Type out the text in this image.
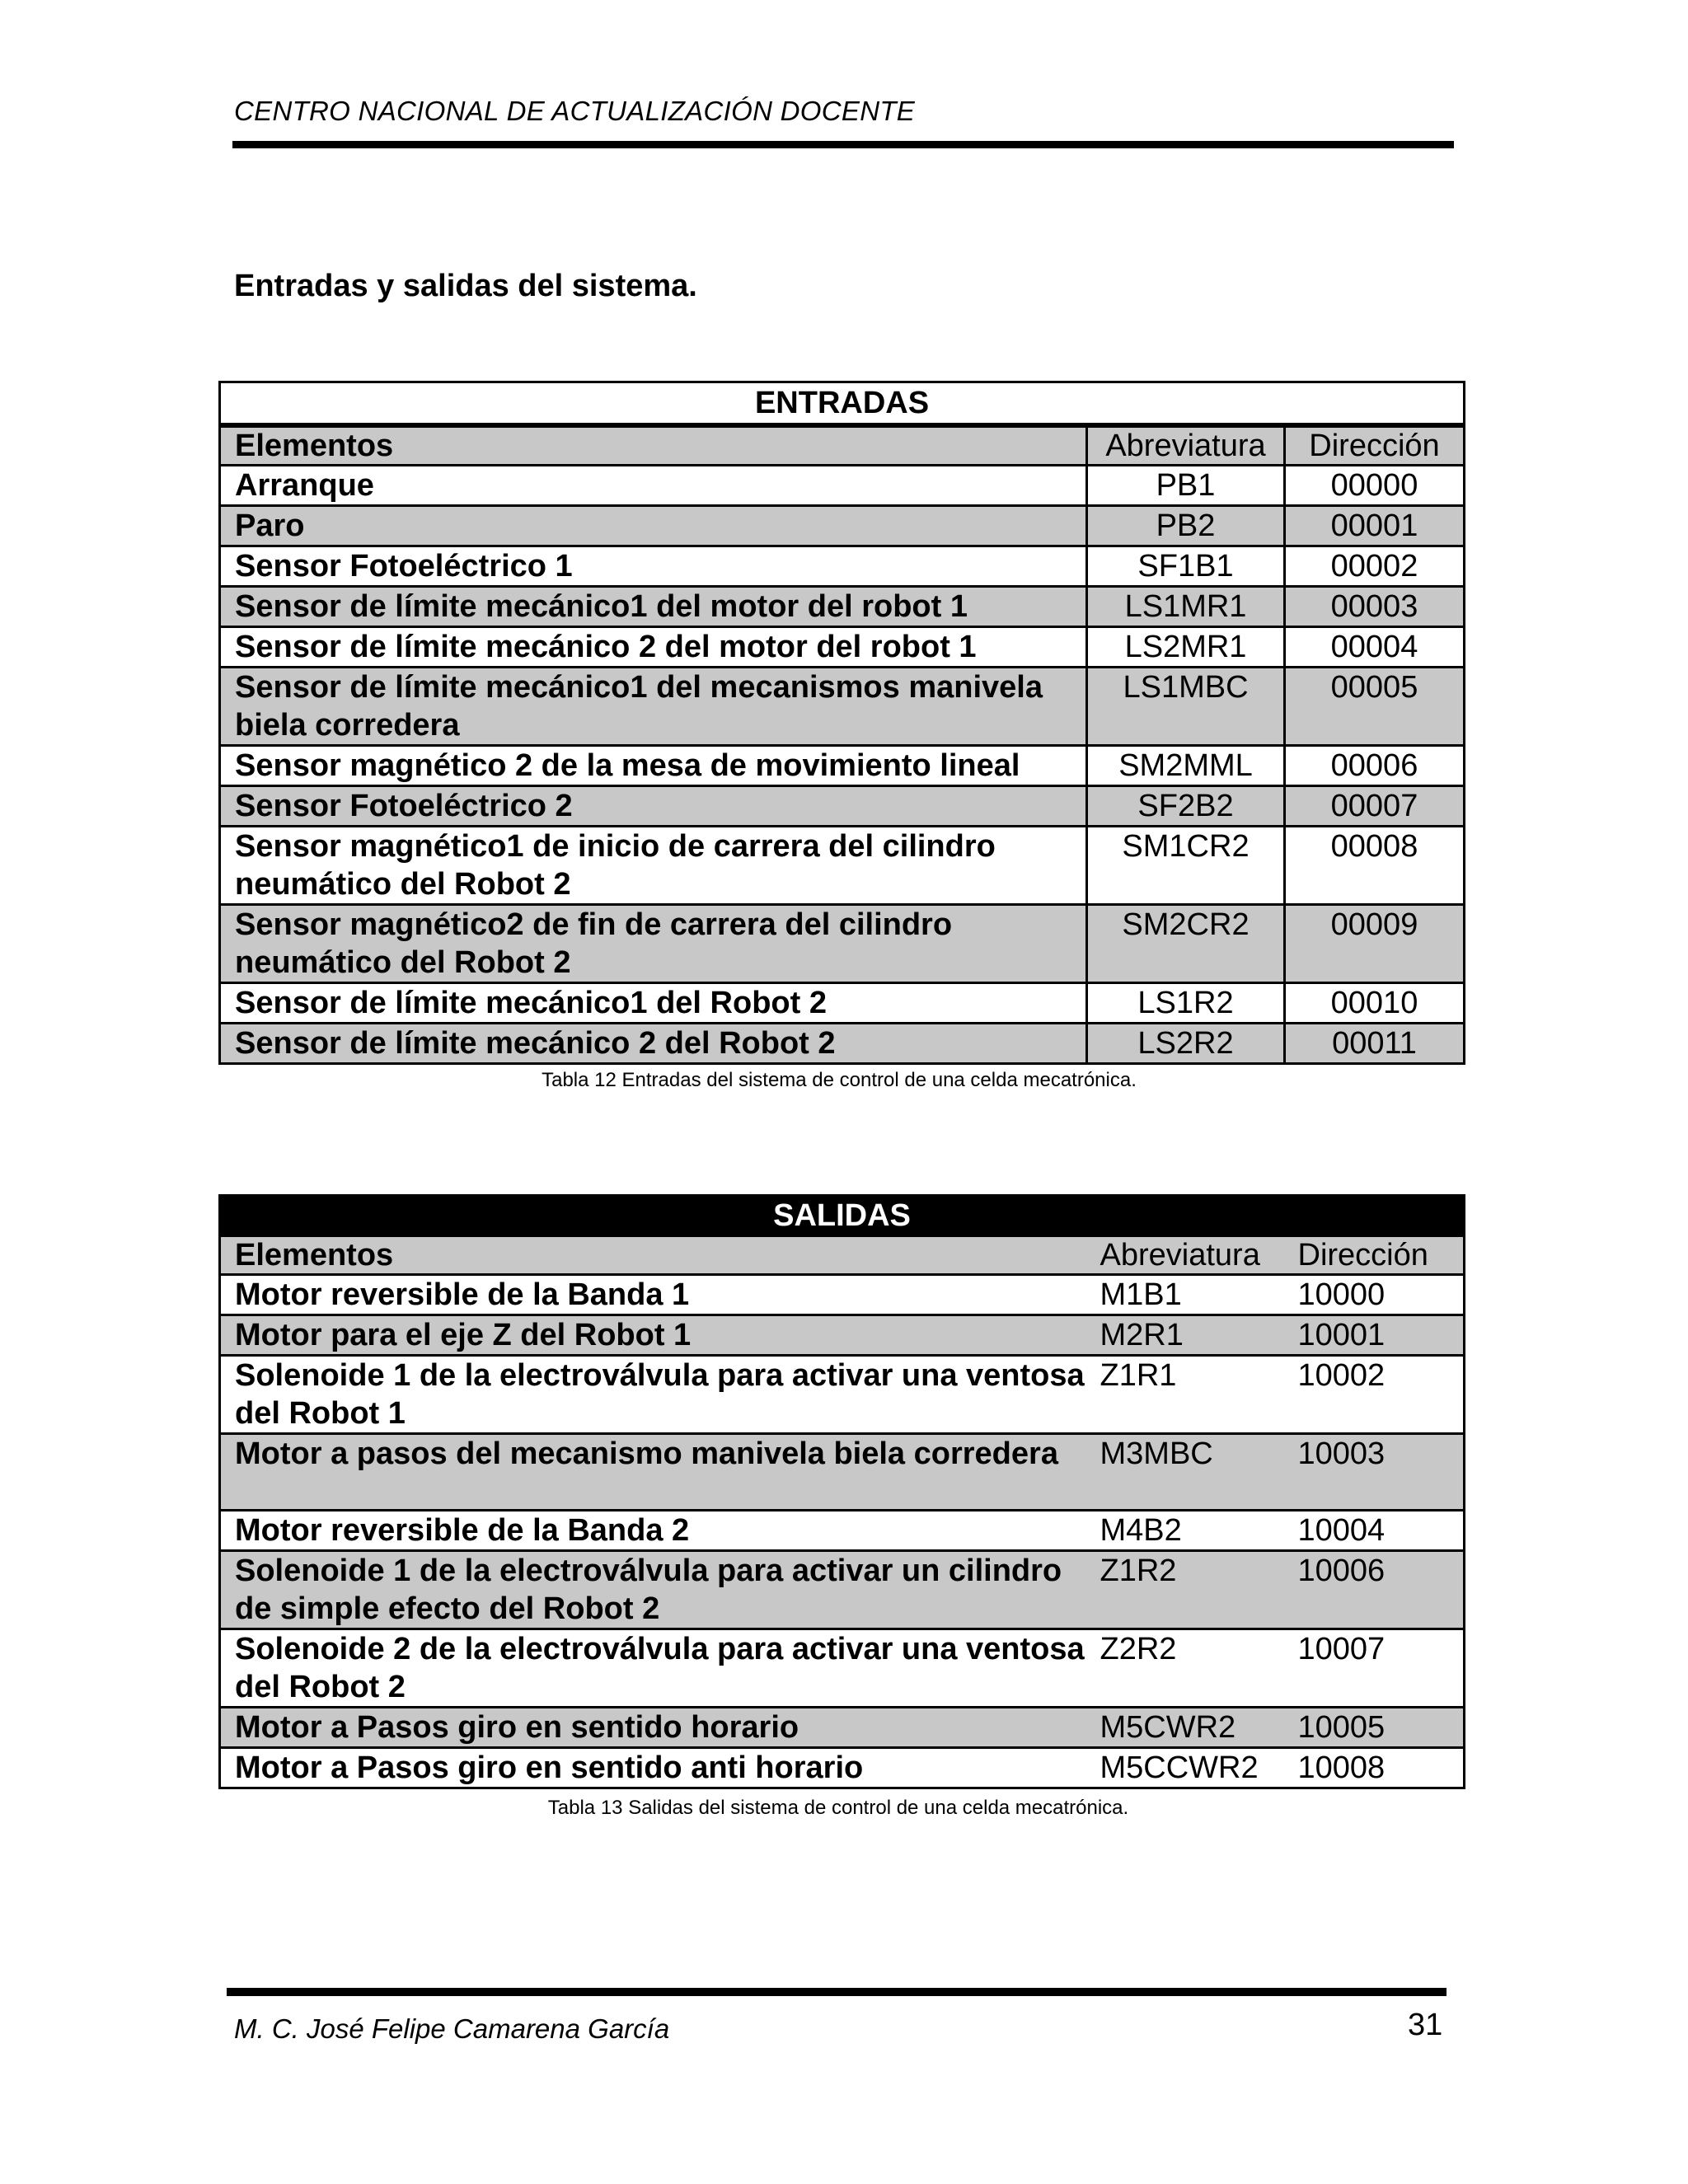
CENTRO NACIONAL DE ACTUALIZACIÓN DOCENTE
Entradas y salidas del sistema.
ENTRADAS		
Elementos	Abreviatura	Dirección
Arranque	PB1	00000
Paro	PB2	00001
Sensor Fotoeléctrico 1	SF1B1	00002
Sensor de límite mecánico1 del motor del robot 1	LS1MR1	00003
Sensor de límite mecánico 2 del motor del robot 1	LS2MR1	00004
Sensor de límite mecánico1 del mecanismos manivela biela corredera	LS1MBC	00005
Sensor magnético 2 de la mesa de movimiento lineal	SM2MML	00006
Sensor Fotoeléctrico 2	SF2B2	00007
Sensor magnético1 de inicio de carrera del cilindro neumático del Robot 2	SM1CR2	00008
Sensor magnético2 de fin de carrera del cilindro neumático del Robot 2	SM2CR2	00009
Sensor de límite mecánico1 del Robot 2	LS1R2	00010
Sensor de límite mecánico 2 del Robot 2	LS2R2	00011
Tabla 12 Entradas del sistema de control de una celda mecatrónica.
SALIDAS		
Elementos	Abreviatura	Dirección
Motor reversible de la Banda 1	M1B1	10000
Motor para el eje Z del Robot 1	M2R1	10001
Solenoide 1 de la electroválvula para activar una ventosa del Robot 1	Z1R1	10002
Motor a pasos del mecanismo manivela biela corredera	M3MBC	10003
Motor reversible de la Banda 2	M4B2	10004
Solenoide 1 de la electroválvula para activar un cilindro de simple efecto del Robot 2	Z1R2	10006
Solenoide 2 de la electroválvula para activar una ventosa del Robot 2	Z2R2	10007
Motor a Pasos giro en sentido horario	M5CWR2	10005
Motor a Pasos giro en sentido anti horario	M5CCWR2	10008
Tabla 13 Salidas del sistema de control de una celda mecatrónica.
M. C. José Felipe Camarena García	31
